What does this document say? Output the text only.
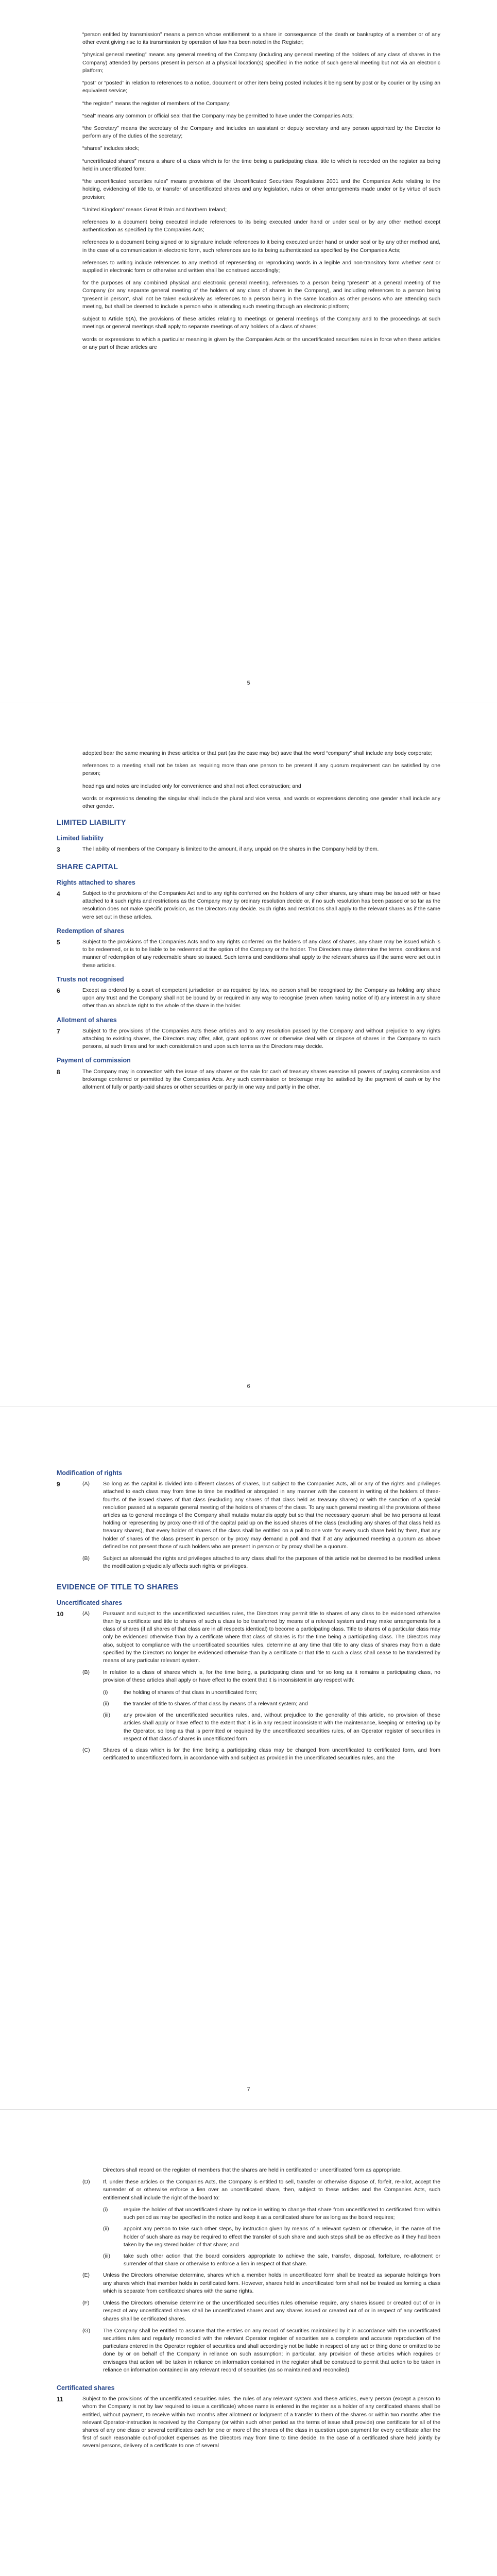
“person entitled by transmission” means a person whose entitlement to a share in consequence of the death or bankruptcy of a member or of any other event giving rise to its transmission by operation of law has been noted in the Register;

“physical general meeting” means any general meeting of the Company (including any general meeting of the holders of any class of shares in the Company) attended by persons present in person at a physical location(s) specified in the notice of such general meeting but not via an electronic platform;

“post” or “posted” in relation to references to a notice, document or other item being posted includes it being sent by post or by courier or by using an equivalent service;

“the register” means the register of members of the Company;

“seal” means any common or official seal that the Company may be permitted to have under the Companies Acts;

“the Secretary” means the secretary of the Company and includes an assistant or deputy secretary and any person appointed by the Director to perform any of the duties of the secretary;

“shares” includes stock;

“uncertificated shares” means a share of a class which is for the time being a participating class, title to which is recorded on the register as being held in uncertificated form;

“the uncertificated securities rules” means provisions of the Uncertificated Securities Regulations 2001 and the Companies Acts relating to the holding, evidencing of title to, or transfer of uncertificated shares and any legislation, rules or other arrangements made under or by virtue of such provision;

“United Kingdom” means Great Britain and Northern Ireland;

references to a document being executed include references to its being executed under hand or under seal or by any other method except authentication as specified by the Companies Acts;

references to a document being signed or to signature include references to it being executed under hand or under seal or by any other method and, in the case of a communication in electronic form, such references are to its being authenticated as specified by the Companies Acts;

references to writing include references to any method of representing or reproducing words in a legible and non-transitory form whether sent or supplied in electronic form or otherwise and written shall be construed accordingly;

for the purposes of any combined physical and electronic general meeting, references to a person being “present” at a general meeting of the Company (or any separate general meeting of the holders of any class of shares in the Company), and including references to a person being “present in person”, shall not be taken exclusively as references to a person being in the same location as other persons who are attending such meeting, but shall be deemed to include a person who is attending such meeting through an electronic platform;

subject to Article 9(A), the provisions of these articles relating to meetings or general meetings of the Company and to the proceedings at such meetings or general meetings shall apply to separate meetings of any holders of a class of shares;

words or expressions to which a particular meaning is given by the Companies Acts or the uncertificated securities rules in force when these articles or any part of these articles are

5

adopted bear the same meaning in these articles or that part (as the case may be) save that the word “company” shall include any body corporate;

references to a meeting shall not be taken as requiring more than one person to be present if any quorum requirement can be satisfied by one person;

headings and notes are included only for convenience and shall not affect construction; and

words or expressions denoting the singular shall include the plural and vice versa, and words or expressions denoting one gender shall include any other gender.

LIMITED LIABILITY
Limited liability
3	The liability of members of the Company is limited to the amount, if any, unpaid on the shares in the Company held by them.
SHARE CAPITAL
Rights attached to shares
4	Subject to the provisions of the Companies Act and to any rights conferred on the holders of any other shares, any share may be issued with or have attached to it such rights and restrictions as the Company may by ordinary resolution decide or, if no such resolution has been passed or so far as the resolution does not make specific provision, as the Directors may decide. Such rights and restrictions shall apply to the relevant shares as if the same were set out in these articles.
Redemption of shares
5	Subject to the provisions of the Companies Acts and to any rights conferred on the holders of any class of shares, any share may be issued which is to be redeemed, or is to be liable to be redeemed at the option of the Company or the holder. The Directors may determine the terms, conditions and manner of redemption of any redeemable share so issued. Such terms and conditions shall apply to the relevant shares as if the same were set out in these articles.
Trusts not recognised
6	Except as ordered by a court of competent jurisdiction or as required by law, no person shall be recognised by the Company as holding any share upon any trust and the Company shall not be bound by or required in any way to recognise (even when having notice of it) any interest in any share other than an absolute right to the whole of the share in the holder.
Allotment of shares
7	Subject to the provisions of the Companies Acts these articles and to any resolution passed by the Company and without prejudice to any rights attaching to existing shares, the Directors may offer, allot, grant options over or otherwise deal with or dispose of shares in the Company to such persons, at such times and for such consideration and upon such terms as the Directors may decide.
Payment of commission
8	The Company may in connection with the issue of any shares or the sale for cash of treasury shares exercise all powers of paying commission and brokerage conferred or permitted by the Companies Acts. Any such commission or brokerage may be satisfied by the payment of cash or by the allotment of fully or partly-paid shares or other securities or partly in one way and partly in the other.
6
Modification of rights
9	(A)	So long as the capital is divided into different classes of shares, but subject to the Companies Acts, all or any of the rights and privileges attached to each class may from time to time be modified or abrogated in any manner with the consent in writing of the holders of three-fourths of the issued shares of that class (excluding any shares of that class held as treasury shares) or with the sanction of a special resolution passed at a separate general meeting of the holders of shares of the class. To any such general meeting all the provisions of these articles as to general meetings of the Company shall mutatis mutandis apply but so that the necessary quorum shall be two persons at least holding or representing by proxy one-third of the capital paid up on the issued shares of the class (excluding any shares of that class held as treasury shares), that every holder of shares of the class shall be entitled on a poll to one vote for every such share held by them, that any holder of shares of the class present in person or by proxy may demand a poll and that if at any adjourned meeting a quorum as above defined be not present those of such holders who are present in person or by proxy shall be a quorum.
(B)	Subject as aforesaid the rights and privileges attached to any class shall for the purposes of this article not be deemed to be modified unless the modification prejudicially affects such rights or privileges.
EVIDENCE OF TITLE TO SHARES
Uncertificated shares
10	(A)	Pursuant and subject to the uncertificated securities rules, the Directors may permit title to shares of any class to be evidenced otherwise than by a certificate and title to shares of such a class to be transferred by means of a relevant system and may make arrangements for a class of shares (if all shares of that class are in all respects identical) to become a participating class. Title to shares of a particular class may only be evidenced otherwise than by a certificate where that class of shares is for the time being a participating class. The Directors may also, subject to compliance with the uncertificated securities rules, determine at any time that title to any class of shares may from a date specified by the Directors no longer be evidenced otherwise than by a certificate or that title to such a class shall cease to be transferred by means of any particular relevant system.
(B)	In relation to a class of shares which is, for the time being, a participating class and for so long as it remains a participating class, no provision of these articles shall apply or have effect to the extent that it is inconsistent in any respect with:
(i)	the holding of shares of that class in uncertificated form;
(ii)	the transfer of title to shares of that class by means of a relevant system; and
(iii)	any provision of the uncertificated securities rules, and, without prejudice to the generality of this article, no provision of these articles shall apply or have effect to the extent that it is in any respect inconsistent with the maintenance, keeping or entering up by the Operator, so long as that is permitted or required by the uncertificated securities rules, of an Operator register of securities in respect of that class of shares in uncertificated form.
(C)	Shares of a class which is for the time being a participating class may be changed from uncertificated to certificated form, and from certificated to uncertificated form, in accordance with and subject as provided in the uncertificated securities rules, and the
7
Directors shall record on the register of members that the shares are held in certificated or uncertificated form as appropriate.
(D)	If, under these articles or the Companies Acts, the Company is entitled to sell, transfer or otherwise dispose of, forfeit, re-allot, accept the surrender of or otherwise enforce a lien over an uncertificated share, then, subject to these articles and the Companies Acts, such entitlement shall include the right of the board to:
(i)	require the holder of that uncertificated share by notice in writing to change that share from uncertificated to certificated form within such period as may be specified in the notice and keep it as a certificated share for as long as the board requires;
(ii)	appoint any person to take such other steps, by instruction given by means of a relevant system or otherwise, in the name of the holder of such share as may be required to effect the transfer of such share and such steps shall be as effective as if they had been taken by the registered holder of that share; and
(iii)	take such other action that the board considers appropriate to achieve the sale, transfer, disposal, forfeiture, re-allotment or surrender of that share or otherwise to enforce a lien in respect of that share.
(E)	Unless the Directors otherwise determine, shares which a member holds in uncertificated form shall be treated as separate holdings from any shares which that member holds in certificated form. However, shares held in uncertificated form shall not be treated as forming a class which is separate from certificated shares with the same rights.
(F)	Unless the Directors otherwise determine or the uncertificated securities rules otherwise require, any shares issued or created out of or in respect of any uncertificated shares shall be uncertificated shares and any shares issued or created out of or in respect of any certificated shares shall be certificated shares.
(G)	The Company shall be entitled to assume that the entries on any record of securities maintained by it in accordance with the uncertificated securities rules and regularly reconciled with the relevant Operator register of securities are a complete and accurate reproduction of the particulars entered in the Operator register of securities and shall accordingly not be liable in respect of any act or thing done or omitted to be done by or on behalf of the Company in reliance on such assumption; in particular, any provision of these articles which requires or envisages that action will be taken in reliance on information contained in the register shall be construed to permit that action to be taken in reliance on information contained in any relevant record of securities (as so maintained and reconciled).
Certificated shares
11	Subject to the provisions of the uncertificated securities rules, the rules of any relevant system and these articles, every person (except a person to whom the Company is not by law required to issue a certificate) whose name is entered in the register as a holder of any certificated shares shall be entitled, without payment, to receive within two months after allotment or lodgment of a transfer to them of the shares or within two months after the relevant Operator-instruction is received by the Company (or within such other period as the terms of issue shall provide) one certificate for all of the shares of any one class or several certificates each for one or more of the shares of the class in question upon payment for every certificate after the first of such reasonable out-of-pocket expenses as the Directors may from time to time decide. In the case of a certificated share held jointly by several persons, delivery of a certificate to one of several
